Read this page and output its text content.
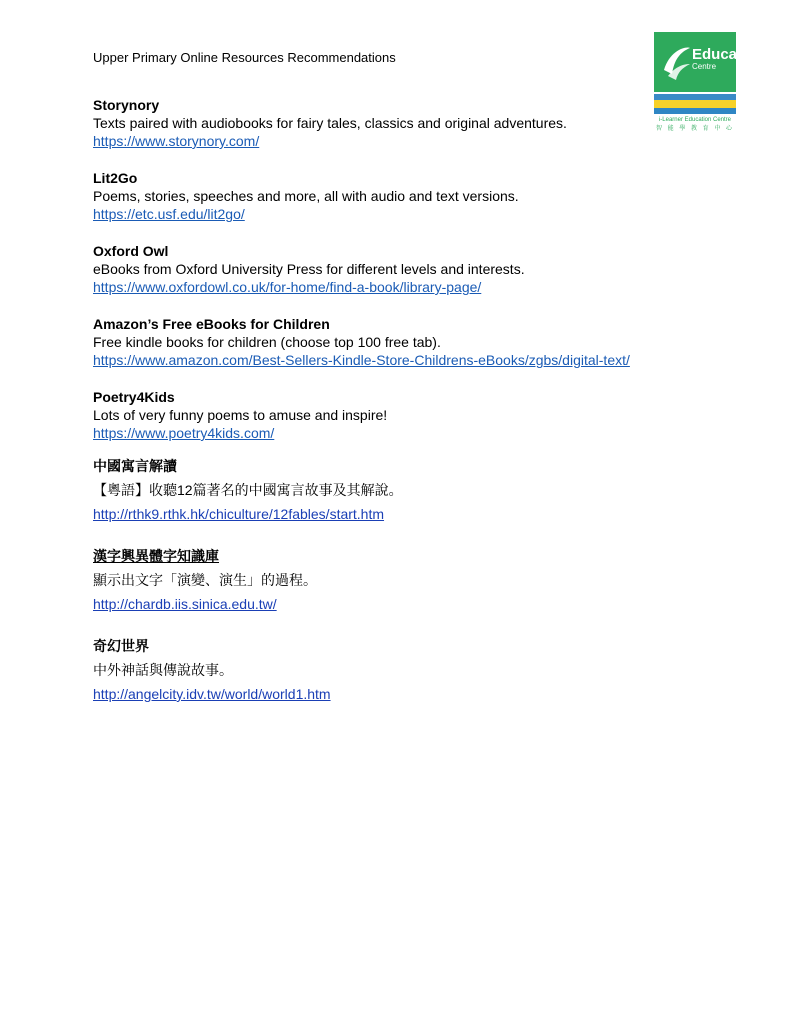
Upper Primary Online Resources Recommendations	Education
Centre
i-Learner Education Centre
智 能 學 教 育 中 心
Storynory
Texts paired with audiobooks for fairy tales, classics and original adventures.
https://www.storynory.com/
Lit2Go
Poems, stories, speeches and more, all with audio and text versions.
https://etc.usf.edu/lit2go/
Oxford Owl
eBooks from Oxford University Press for different levels and interests.
https://www.oxfordowl.co.uk/for-home/find-a-book/library-page/
Amazon’s Free eBooks for Children
Free kindle books for children (choose top 100 free tab).
https://www.amazon.com/Best-Sellers-Kindle-Store-Childrens-eBooks/zgbs/digital-text/
Poetry4Kids
Lots of very funny poems to amuse and inspire!
https://www.poetry4kids.com/
中國寓言解讀
【粵語】收聽12篇著名的中國寓言故事及其解說。
http://rthk9.rthk.hk/chiculture/12fables/start.htm
漢字興異體字知識庫
顯示出文字「演變、演生」的過程。
http://chardb.iis.sinica.edu.tw/
奇幻世界
中外神話與傳說故事。
http://angelcity.idv.tw/world/world1.htm
